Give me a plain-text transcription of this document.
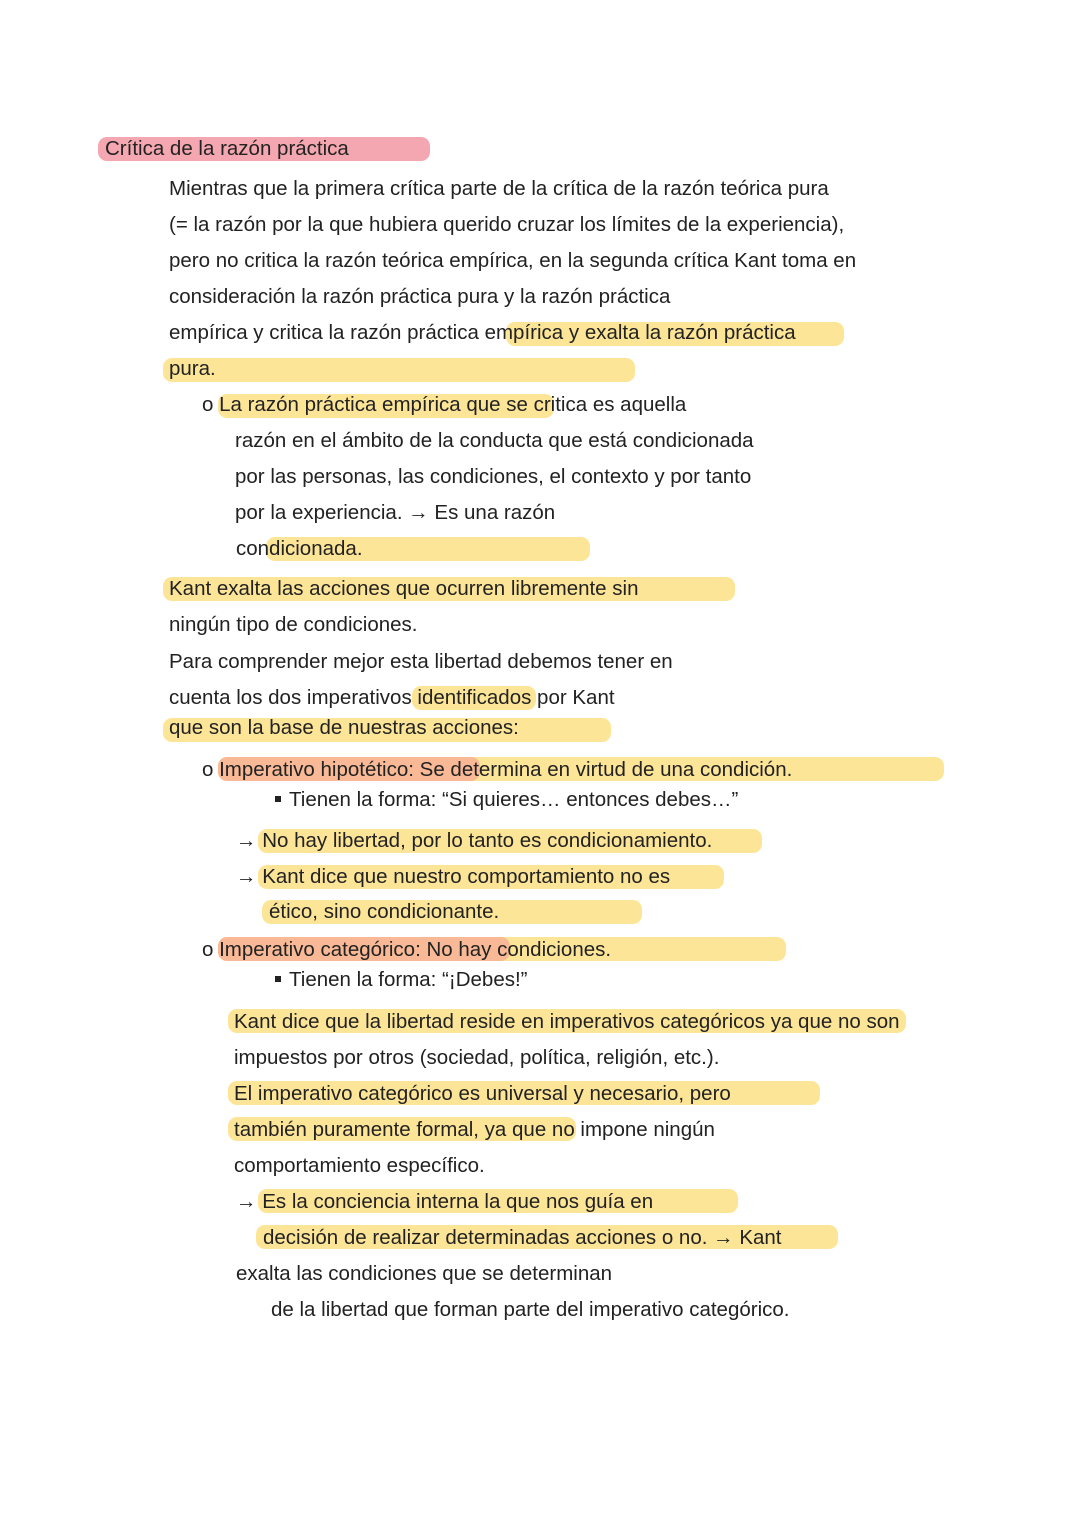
Crítica de la razón práctica
Mientras que la primera crítica parte de la crítica de la razón teórica pura
(= la razón por la que hubiera querido cruzar los límites de la experiencia),
pero no critica la razón teórica empírica, en la segunda crítica Kant toma en
consideración la razón práctica pura y la razón práctica
empírica y critica la razón práctica empírica y exalta la razón práctica
pura.
o La razón práctica empírica que se critica es aquella
razón en el ámbito de la conducta que está condicionada
por las personas, las condiciones, el contexto y por tanto
por la experiencia. → Es una razón
condicionada.
Kant exalta las acciones que ocurren libremente sin
ningún tipo de condiciones.
Para comprender mejor esta libertad debemos tener en
cuenta los dos imperativos identificados por Kant
que son la base de nuestras acciones:
o Imperativo hipotético: Se determina en virtud de una condición.
Tienen la forma: “Si quieres… entonces debes…”
→ No hay libertad, por lo tanto es condicionamiento.
→ Kant dice que nuestro comportamiento no es
ético, sino condicionante.
o Imperativo categórico: No hay condiciones.
Tienen la forma: “¡Debes!”
Kant dice que la libertad reside en imperativos categóricos ya que no son
impuestos por otros (sociedad, política, religión, etc.).
El imperativo categórico es universal y necesario, pero
también puramente formal, ya que no impone ningún
comportamiento específico.
→ Es la conciencia interna la que nos guía en
decisión de realizar determinadas acciones o no. → Kant
exalta las condiciones que se determinan
de la libertad que forman parte del imperativo categórico.
